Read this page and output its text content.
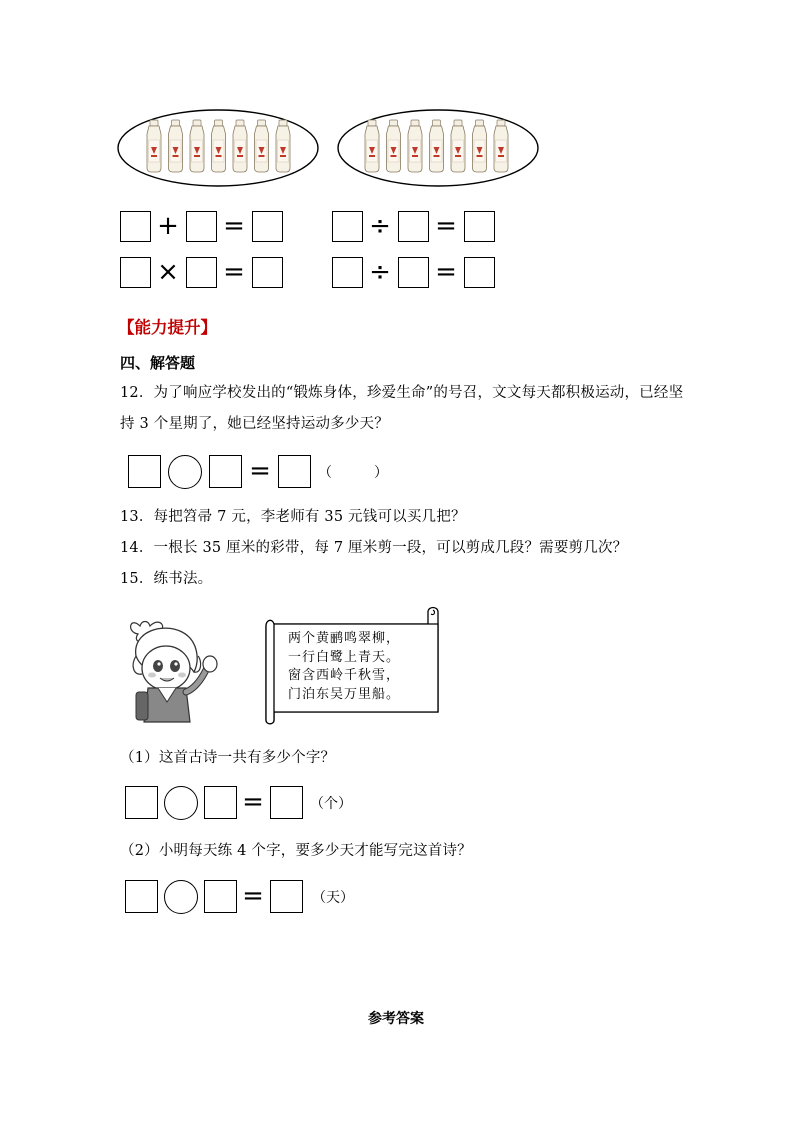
+ =	÷ =
× =	÷ =
【能力提升】
四、解答题
12．为了响应学校发出的“锻炼身体，珍爱生命”的号召，文文每天都积极运动，已经坚
持 3 个星期了，她已经坚持运动多少天？
=	（　　　）
13．每把笤帚 7 元，李老师有 35 元钱可以买几把？
14．一根长 35 厘米的彩带，每 7 厘米剪一段，可以剪成几段？需要剪几次？
15．练书法。
两个黄鹂鸣翠柳，
一行白鹭上青天。
窗含西岭千秋雪，
门泊东吴万里船。
（1）这首古诗一共有多少个字？
=	（个）
（2）小明每天练 4 个字，要多少天才能写完这首诗？
=	（天）
参考答案
